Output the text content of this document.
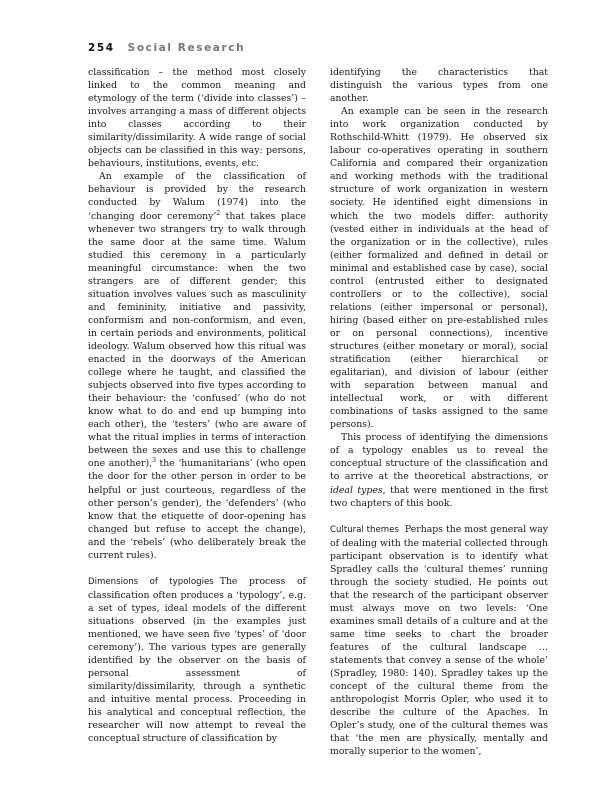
254 Social Research

classification – the method most closely linked to the common meaning and etymology of the term (‘divide into classes’) – involves arranging a mass of different objects into classes according to their similarity/dissimilarity. A wide range of social objects can be classified in this way: persons, behaviours, institutions, events, etc.

An example of the classification of behaviour is provided by the research conducted by Walum (1974) into the ‘changing door ceremony’$^2$ that takes place whenever two strangers try to walk through the same door at the same time. Walum studied this ceremony in a particularly meaningful circumstance: when the two strangers are of different gender; this situation involves values such as masculinity and femininity, initiative and passivity, conformism and non-conformism, and even, in certain periods and environments, political ideology. Walum observed how this ritual was enacted in the doorways of the American college where he taught, and classified the subjects observed into five types according to their behaviour: the ‘confused’ (who do not know what to do and end up bumping into each other), the ‘testers’ (who are aware of what the ritual implies in terms of interaction between the sexes and use this to challenge one another),$^3$ the ‘humanitarians’ (who open the door for the other person in order to be helpful or just courteous, regardless of the other person’s gender), the ‘defenders’ (who know that the etiquette of door-opening has changed but refuse to accept the change), and the ‘rebels’ (who deliberately break the current rules).

Dimensions of typologies The process of classification often produces a ‘typology’, e.g. a set of types, ideal models of the different situations observed (in the examples just mentioned, we have seen five ‘types’ of ‘door ceremony’). The various types are generally identified by the observer on the basis of personal assessment of similarity/dissimilarity, through a synthetic and intuitive mental process. Proceeding in his analytical and conceptual reflection, the researcher will now attempt to reveal the conceptual structure of classification by

identifying the characteristics that distinguish the various types from one another.

An example can be seen in the research into work organization conducted by Rothschild-Whitt (1979). He observed six labour co-operatives operating in southern California and compared their organization and working methods with the traditional structure of work organization in western society. He identified eight dimensions in which the two models differ: authority (vested either in individuals at the head of the organization or in the collective), rules (either formalized and defined in detail or minimal and established case by case), social control (entrusted either to designated controllers or to the collective), social relations (either impersonal or personal), hiring (based either on pre-established rules or on personal connections), incentive structures (either monetary or moral), social stratification (either hierarchical or egalitarian), and division of labour (either with separation between manual and intellectual work, or with different combinations of tasks assigned to the same persons).

This process of identifying the dimensions of a typology enables us to reveal the conceptual structure of the classification and to arrive at the theoretical abstractions, or ideal types, that were mentioned in the first two chapters of this book.

Cultural themes Perhaps the most general way of dealing with the material collected through participant observation is to identify what Spradley calls the ‘cultural themes’ running through the society studied. He points out that the research of the participant observer must always move on two levels: ‘One examines small details of a culture and at the same time seeks to chart the broader features of the cultural landscape … statements that convey a sense of the whole’ (Spradley, 1980: 140). Spradley takes up the concept of the cultural theme from the anthropologist Morris Opler, who used it to describe the culture of the Apaches. In Opler’s study, one of the cultural themes was that ‘the men are physically, mentally and morally superior to the women’,
